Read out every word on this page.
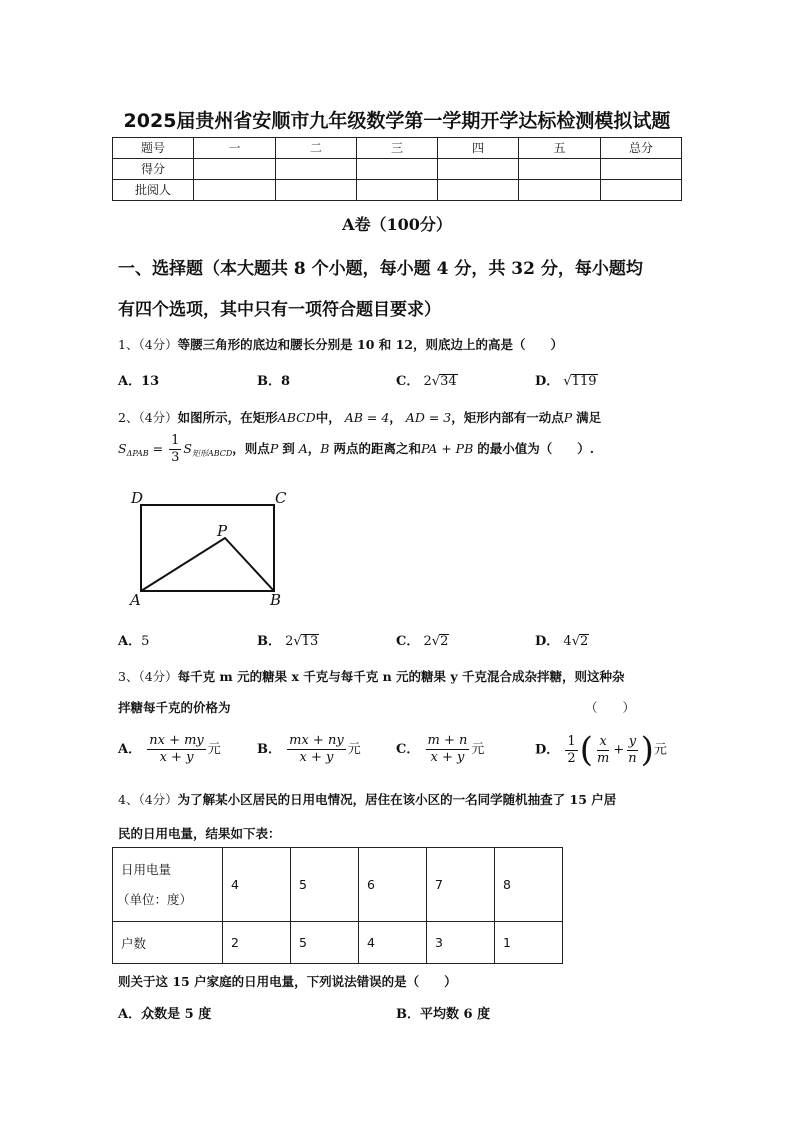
2025届贵州省安顺市九年级数学第一学期开学达标检测模拟试题
题号	一	二	三	四	五	总分
得分						
批阅人						
A卷（100分）
一、选择题（本大题共 8 个小题，每小题 4 分，共 32 分，每小题均
有四个选项，其中只有一项符合题目要求）
1、（4分）等腰三角形的底边和腰长分别是 10 和 12，则底边上的高是（　　）
A．13	B．8	C． 2√34	D． √119
2、（4分）如图所示，在矩形ABCD中， AB = 4， AD = 3，矩形内部有一动点P 满足
$S_{\Delta PAB} = \frac{1}{3} S_{矩形ABCD}$，则点P 到 A，B 两点的距离之和PA + PB 的最小值为（　　）.
D	C
P
A	B
A．5	B． 2√13	C． 2√2	D． 4√2
3、（4分）每千克 m 元的糖果 x 千克与每千克 n 元的糖果 y 千克混合成杂拌糖，则这种杂
拌糖每千克的价格为	（　　）
A． $\frac{nx + my}{x + y}$ 元	B． $\frac{mx + ny}{x + y}$ 元	C． $\frac{m + n}{x + y}$ 元	D． $\frac{1}{2}$ ( $\frac{x}{m} + \frac{y}{n}$ )元
4、（4分）为了解某小区居民的日用电情况，居住在该小区的一名同学随机抽查了 15 户居
民的日用电量，结果如下表：
日用电量
（单位：度）	4	5	6	7	8
户数	2	5	4	3	1
则关于这 15 户家庭的日用电量，下列说法错误的是（　　）
A．众数是 5 度	B．平均数 6 度
